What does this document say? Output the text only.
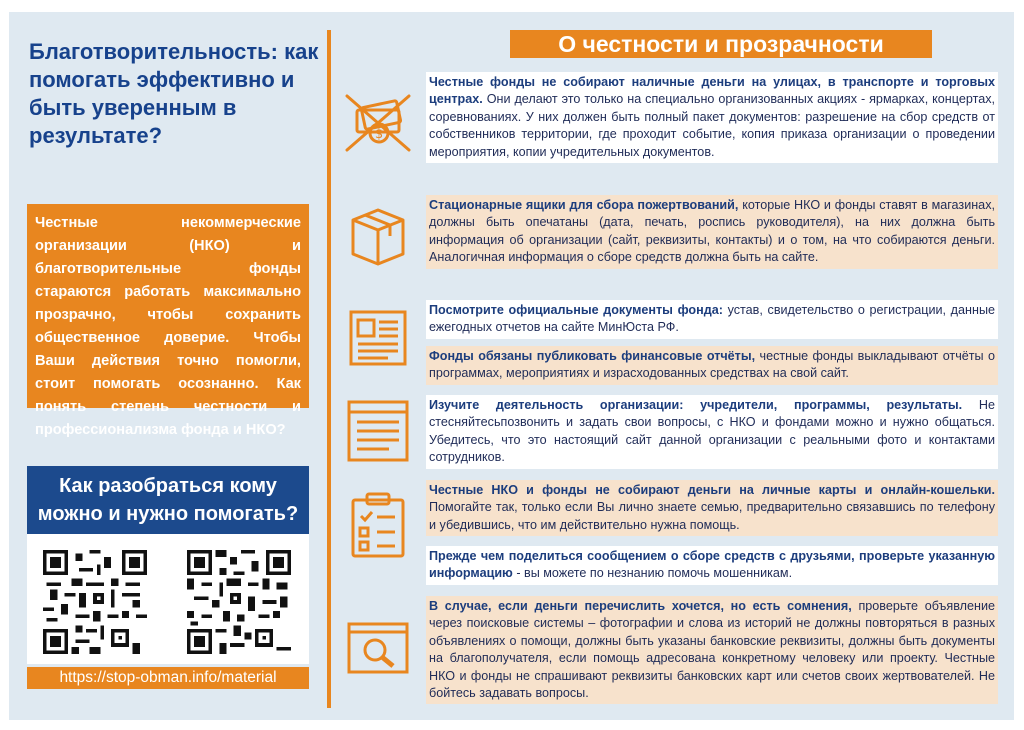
Благотворительность: как помогать эффективно и быть уверенным в результате?
Честные некоммерческие организации (НКО) и благотворительные фонды стараются работать максимально прозрачно, чтобы сохранить общественное доверие. Чтобы Ваши действия точно помогли, стоит помогать осознанно. Как понять степень честности и профессионализма фонда и НКО?
Как разобраться кому можно и нужно помогать?
https://stop-obman.info/material
О честности и прозрачности
$
Честные фонды не собирают наличные деньги на улицах, в транспорте и торговых центрах. Они делают это только на специально организованных акциях - ярмарках, концертах, соревнованиях. У них должен быть полный пакет документов: разрешение на сбор средств от собственников территории, где проходит событие, копия приказа организации о проведении мероприятия, копии учредительных документов.
Стационарные ящики для сбора пожертвований, которые НКО и фонды ставят в магазинах, должны быть опечатаны (дата, печать, роспись руководителя), на них должна быть информация об организации (сайт, реквизиты, контакты) и о том, на что собираются деньги. Аналогичная информация о сборе средств должна быть на сайте.
Посмотрите официальные документы фонда: устав, свидетельство о регистрации, данные ежегодных отчетов на сайте МинЮста РФ.
Фонды обязаны публиковать финансовые отчёты, честные фонды выкладывают отчёты о программах, мероприятиях и израсходованных средствах на свой сайт.
Изучите деятельность организации: учредители, программы, результаты. Не стесняйтесьпозвонить и задать свои вопросы, с НКО и фондами можно и нужно общаться. Убедитесь, что это настоящий сайт данной организации с реальными фото и контактами сотрудников.
Честные НКО и фонды не собирают деньги на личные карты и онлайн-кошельки. Помогайте так, только если Вы лично знаете семью, предварительно связавшись по телефону и убедившись, что им действительно нужна помощь.
Прежде чем поделиться сообщением о сборе средств с друзьями, проверьте указанную информацию - вы можете по незнанию помочь мошенникам.
В случае, если деньги перечислить хочется, но есть сомнения, проверьте объявление через поисковые системы – фотографии и слова из историй не должны повторяться в разных объявлениях о помощи, должны быть указаны банковские реквизиты, должны быть документы на благополучателя, если помощь адресована конкретному человеку или проекту. Честные НКО и фонды не спрашивают реквизиты банковских карт или счетов своих жертвователей. Не бойтесь задавать вопросы.
